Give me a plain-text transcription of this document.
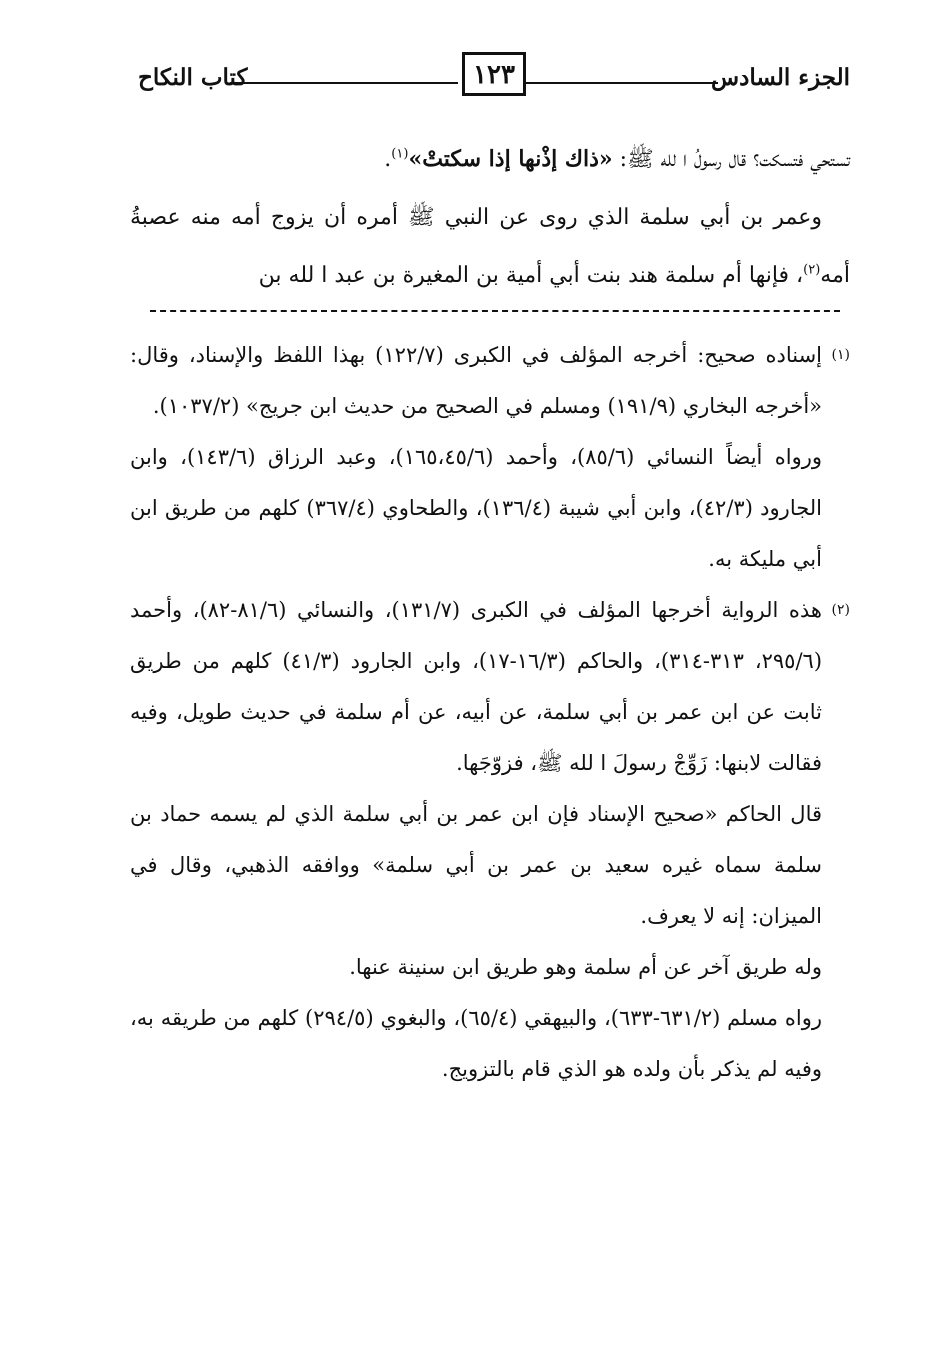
الجزء السادس
١٢٣
كتاب النكاح

تستحي فتسكت؟ قال رسولُ ا لله ﷺ: «ذاك إذْنها إذا سكتتْ»$^{(١)}$.

وعمر بن أبي سلمة الذي روى عن النبي ﷺ أمره أن يزوج أمه منه عصبةُ أمه$^{(٢)}$، فإنها أم سلمة هند بنت أبي أمية بن المغيرة بن عبد ا لله بن

(١)

إسناده صحيح: أخرجه المؤلف في الكبرى (١٢٢/٧) بهذا اللفظ والإسناد، وقال: «أخرجه البخاري (١٩١/٩) ومسلم في الصحيح من حديث ابن جريج» (١٠٣٧/٢).

ورواه أيضاً النسائي (٨٥/٦)، وأحمد (١٦٥،٤٥/٦)، وعبد الرزاق (١٤٣/٦)، وابن الجارود (٤٢/٣)، وابن أبي شيبة (١٣٦/٤)، والطحاوي (٣٦٧/٤) كلهم من طريق ابن أبي مليكة به.

(٢)

هذه الرواية أخرجها المؤلف في الكبرى (١٣١/٧)، والنسائي (٨١/٦-٨٢)، وأحمد (٢٩٥/٦، ٣١٣-٣١٤)، والحاكم (١٦/٣-١٧)، وابن الجارود (٤١/٣) كلهم من طريق ثابت عن ابن عمر بن أبي سلمة، عن أبيه، عن أم سلمة في حديث طويل، وفيه فقالت لابنها: زَوِّجْ رسولَ ا لله ﷺ، فزوّجَها.

قال الحاكم «صحيح الإسناد فإن ابن عمر بن أبي سلمة الذي لم يسمه حماد بن سلمة سماه غيره سعيد بن عمر بن أبي سلمة» ووافقه الذهبي، وقال في الميزان: إنه لا يعرف.

وله طريق آخر عن أم سلمة وهو طريق ابن سنينة عنها.

رواه مسلم (٦٣١/٢-٦٣٣)، والبيهقي (٦٥/٤)، والبغوي (٢٩٤/٥) كلهم من طريقه به، وفيه لم يذكر بأن ولده هو الذي قام بالتزويج.
